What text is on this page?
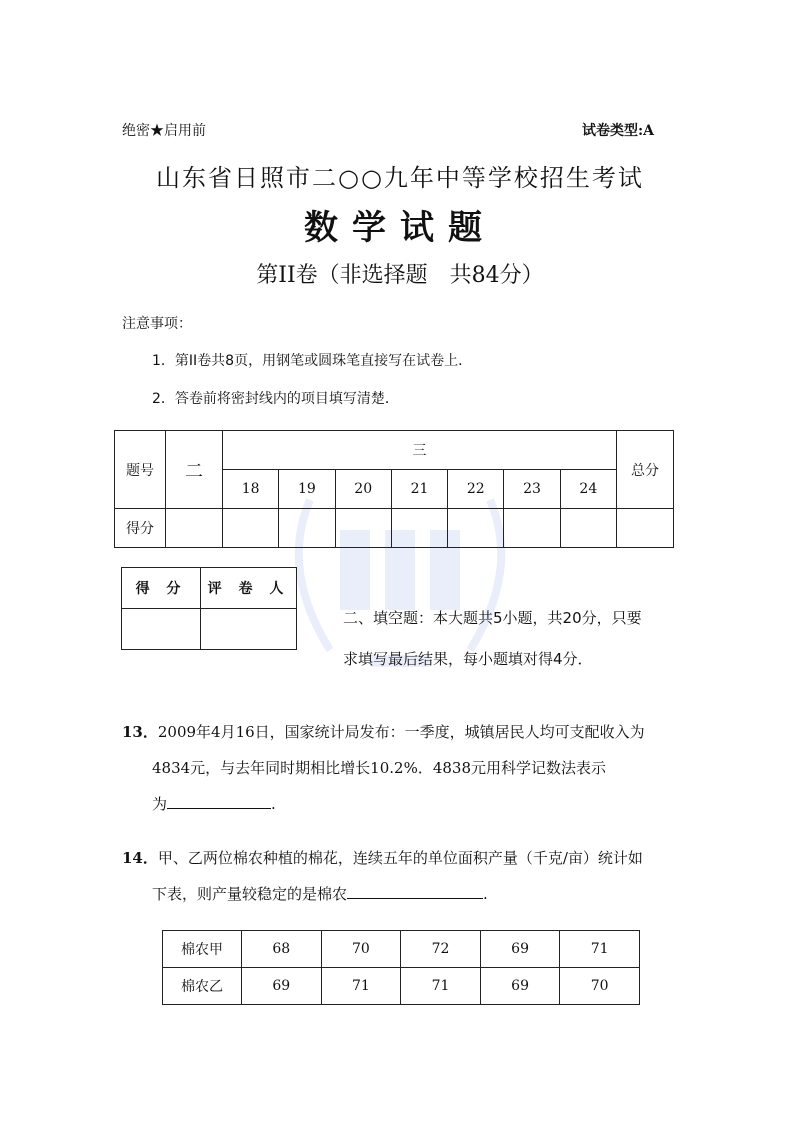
绝密★启用前	试卷类型:A
山东省日照市二○○九年中等学校招生考试
数学试题
第II卷（非选择题　共84分）
注意事项：
1．第II卷共8页，用钢笔或圆珠笔直接写在试卷上．
2．答卷前将密封线内的项目填写清楚．
题号	二	三							总分
		18	19	20	21	22	23	24	
得分									
得 分	评 卷 人

二、填空题：本大题共5小题，共20分，只要
求填写最后结果，每小题填对得4分．
13．2009年4月16日，国家统计局发布：一季度，城镇居民人均可支配收入为
4834元，与去年同时期相比增长10.2%．4838元用科学记数法表示
为	.
14．甲、乙两位棉农种植的棉花，连续五年的单位面积产量（千克/亩）统计如
下表，则产量较稳定的是棉农	.
棉农甲	68	70	72	69	71
棉农乙	69	71	71	69	70
